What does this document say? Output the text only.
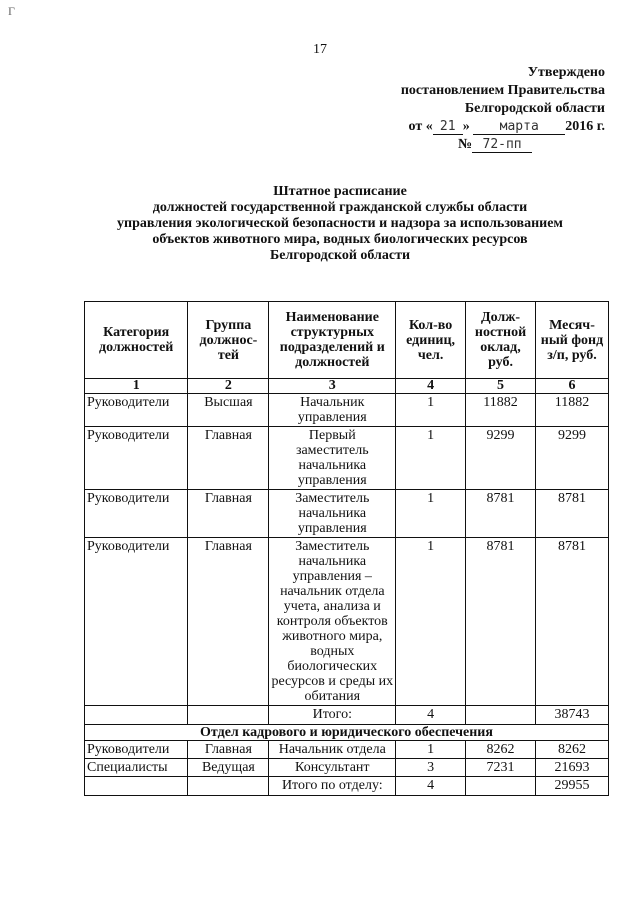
Г
17
Утверждено
постановлением Правительства
Белгородской области
от « 21 » марта 2016 г.
№ 72-пп
Штатное расписание
должностей государственной гражданской службы области
управления экологической безопасности и надзора за использованием
объектов животного мира, водных биологических ресурсов
Белгородской области
Категория должностей	Группа должнос-тей	Наименование структурных подразделений и должностей	Кол-во единиц, чел.	Долж-ностной оклад, руб.	Месяч-ный фонд з/п, руб.
1	2	3	4	5	6
Руководители	Высшая	Начальник управления	1	11882	11882
Руководители	Главная	Первый заместитель начальника управления	1	9299	9299
Руководители	Главная	Заместитель начальника управления	1	8781	8781
Руководители	Главная	Заместитель начальника управления – начальник отдела учета, анализа и контроля объектов животного мира, водных биологических ресурсов и среды их обитания	1	8781	8781
		Итого:	4		38743
Отдел кадрового и юридического обеспечения					
Руководители	Главная	Начальник отдела	1	8262	8262
Специалисты	Ведущая	Консультант	3	7231	21693
		Итого по отделу:	4		29955
